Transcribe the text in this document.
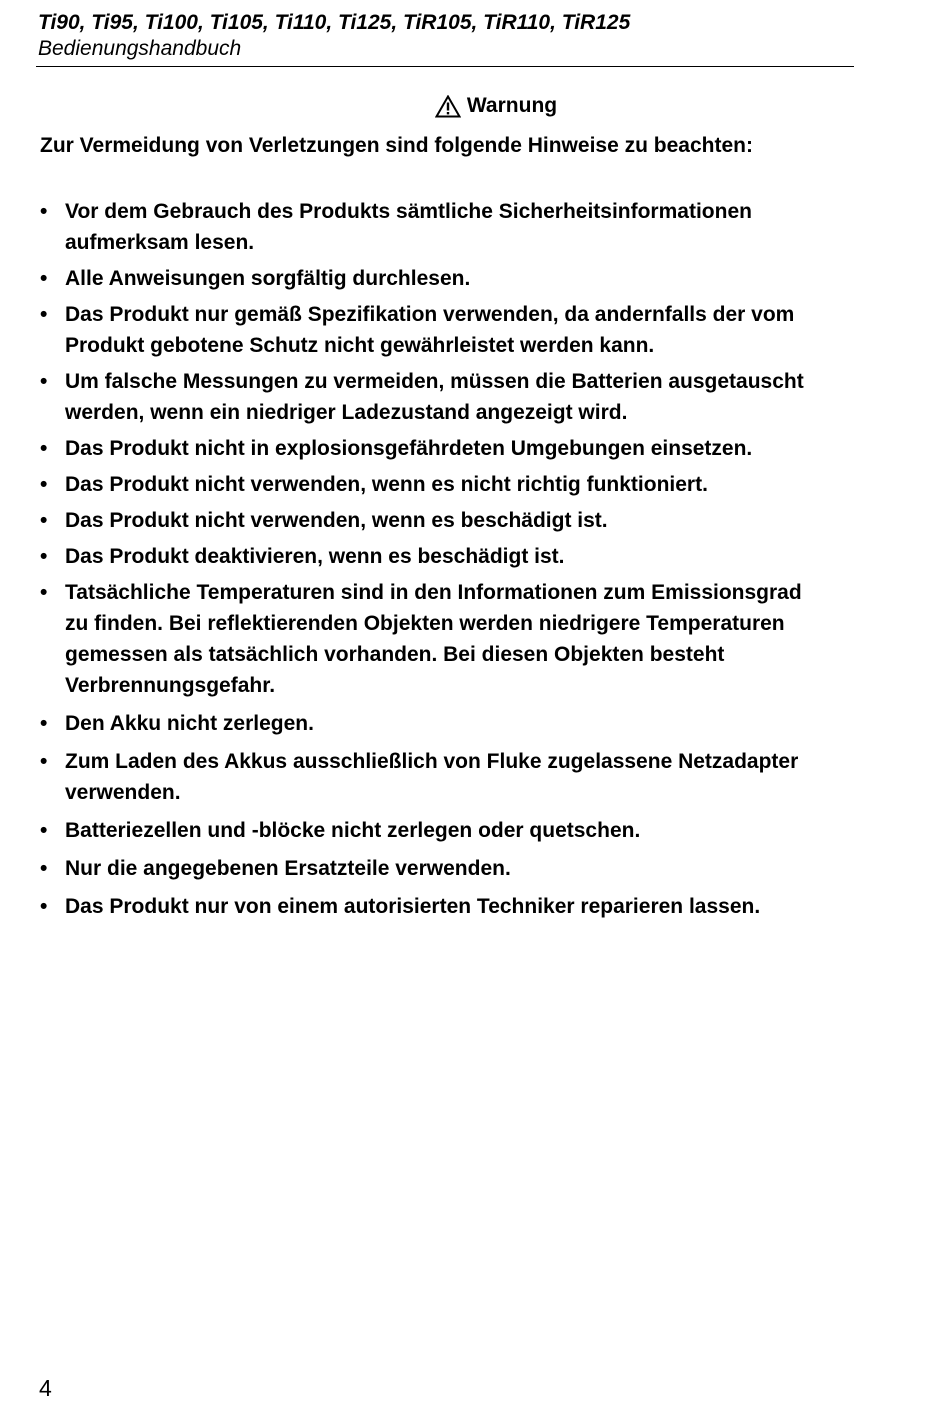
Ti90, Ti95, Ti100, Ti105, Ti110, Ti125, TiR105, TiR110, TiR125

Bedienungshandbuch

Warnung

Zur Vermeidung von Verletzungen sind folgende Hinweise zu beachten:

• Vor dem Gebrauch des Produkts sämtliche Sicherheitsinformationen aufmerksam lesen.
• Alle Anweisungen sorgfältig durchlesen.
• Das Produkt nur gemäß Spezifikation verwenden, da andernfalls der vom Produkt gebotene Schutz nicht gewährleistet werden kann.
• Um falsche Messungen zu vermeiden, müssen die Batterien ausgetauscht werden, wenn ein niedriger Ladezustand angezeigt wird.
• Das Produkt nicht in explosionsgefährdeten Umgebungen einsetzen.
• Das Produkt nicht verwenden, wenn es nicht richtig funktioniert.
• Das Produkt nicht verwenden, wenn es beschädigt ist.
• Das Produkt deaktivieren, wenn es beschädigt ist.
• Tatsächliche Temperaturen sind in den Informationen zum Emissionsgrad zu finden. Bei reflektierenden Objekten werden niedrigere Temperaturen gemessen als tatsächlich vorhanden. Bei diesen Objekten besteht Verbrennungsgefahr.
• Den Akku nicht zerlegen.
• Zum Laden des Akkus ausschließlich von Fluke zugelassene Netzadapter verwenden.
• Batteriezellen und -blöcke nicht zerlegen oder quetschen.
• Nur die angegebenen Ersatzteile verwenden.
• Das Produkt nur von einem autorisierten Techniker reparieren lassen.
4
